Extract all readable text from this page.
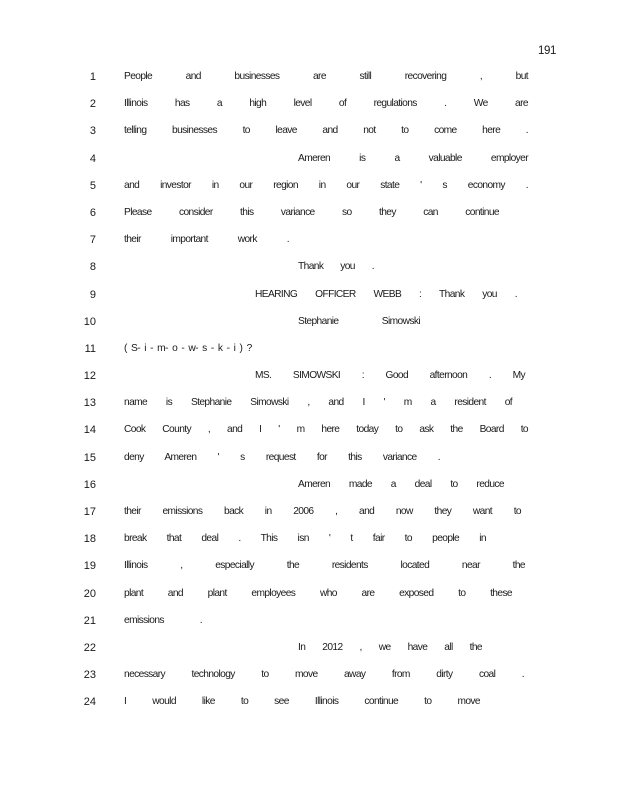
191
1	People and businesses are still recovering , but
2	Illinois has a high level of regulations . We are
3	telling businesses to leave and not to come here .
4	Ameren is a valuable employer
5	and investor in our region in our state ' s economy .
6	Please consider this variance so they can continue
7	their important work .
8	Thank you .
9	HEARING OFFICER WEBB : Thank you .
10	Stephanie Simowski
11	( S- i - m- o - w- s - k - i ) ?
12	MS. SIMOWSKI : Good afternoon . My
13	name is Stephanie Simowski , and I ' m a resident of
14	Cook County , and I ' m here today to ask the Board to
15	deny Ameren ' s request for this variance .
16	Ameren made a deal to reduce
17	their emissions back in 2006 , and now they want to
18	break that deal . This isn ' t fair to people in
19	Illinois , especially the residents located near the
20	plant and plant employees who are exposed to these
21	emissions .
22	In 2012 , we have all the
23	necessary technology to move away from dirty coal .
24	I would like to see Illinois continue to move
